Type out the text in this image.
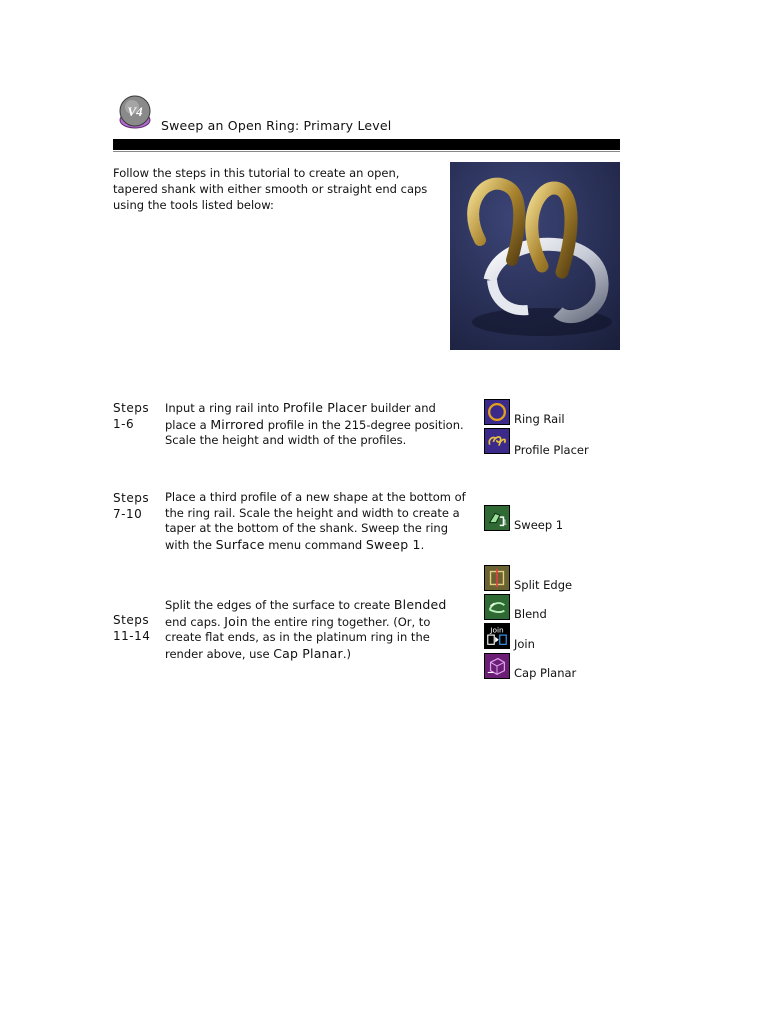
V4
Sweep an Open Ring: Primary Level
Follow the steps in this tutorial to create an open, tapered shank with either smooth or straight end caps using the tools listed below:
Steps
1-6
Input a ring rail into Profile Placer builder and place a Mirrored profile in the 215-degree position. Scale the height and width of the profiles.
Steps
7-10
Place a third profile of a new shape at the bottom of the ring rail. Scale the height and width to create a taper at the bottom of the shank. Sweep the ring with the Surface menu command Sweep 1.
Steps
11-14
Split the edges of the surface to create Blended end caps. Join the entire ring together. (Or, to create flat ends, as in the platinum ring in the render above, use Cap Planar.)
Ring Rail
Profile Placer
1 Sweep 1
Split Edge
Blend
Join
Join
Cap Planar
